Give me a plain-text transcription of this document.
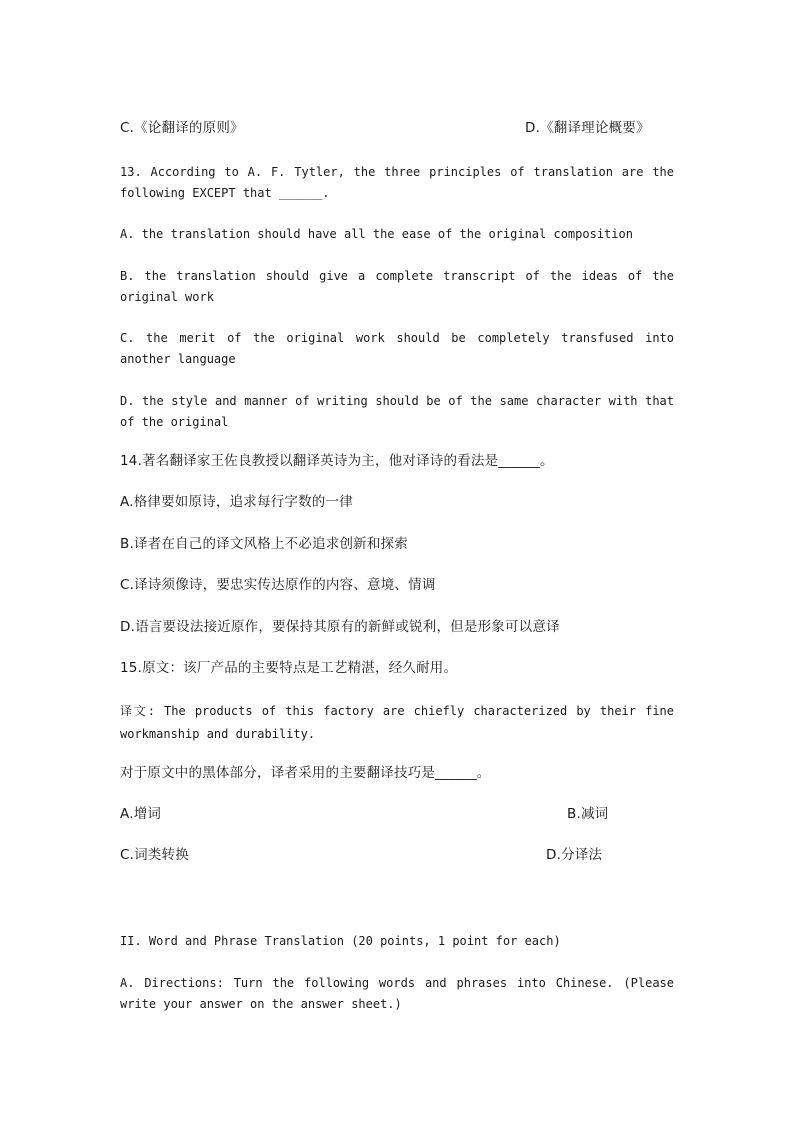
C.《论翻译的原则》	D.《翻译理论概要》
13. According to A. F. Tytler, the three principles of translation are the following EXCEPT that ______.
A. the translation should have all the ease of the original composition
B. the translation should give a complete transcript of the ideas of the original work
C. the merit of the original work should be completely transfused into another language
D. the style and manner of writing should be of the same character with that of the original
14.著名翻译家王佐良教授以翻译英诗为主，他对译诗的看法是______。
A.格律要如原诗，追求每行字数的一律
B.译者在自己的译文风格上不必追求创新和探索
C.译诗须像诗，要忠实传达原作的内容、意境、情调
D.语言要设法接近原作，要保持其原有的新鲜或锐利，但是形象可以意译
15.原文：该厂产品的主要特点是工艺精湛，经久耐用。
译文: The products of this factory are chiefly characterized by their fine workmanship and durability.
对于原文中的黑体部分，译者采用的主要翻译技巧是______。
A.增词	B.减词
C.词类转换	D.分译法
II. Word and Phrase Translation (20 points, 1 point for each)
A. Directions: Turn the following words and phrases into Chinese. (Please write your answer on the answer sheet.)
